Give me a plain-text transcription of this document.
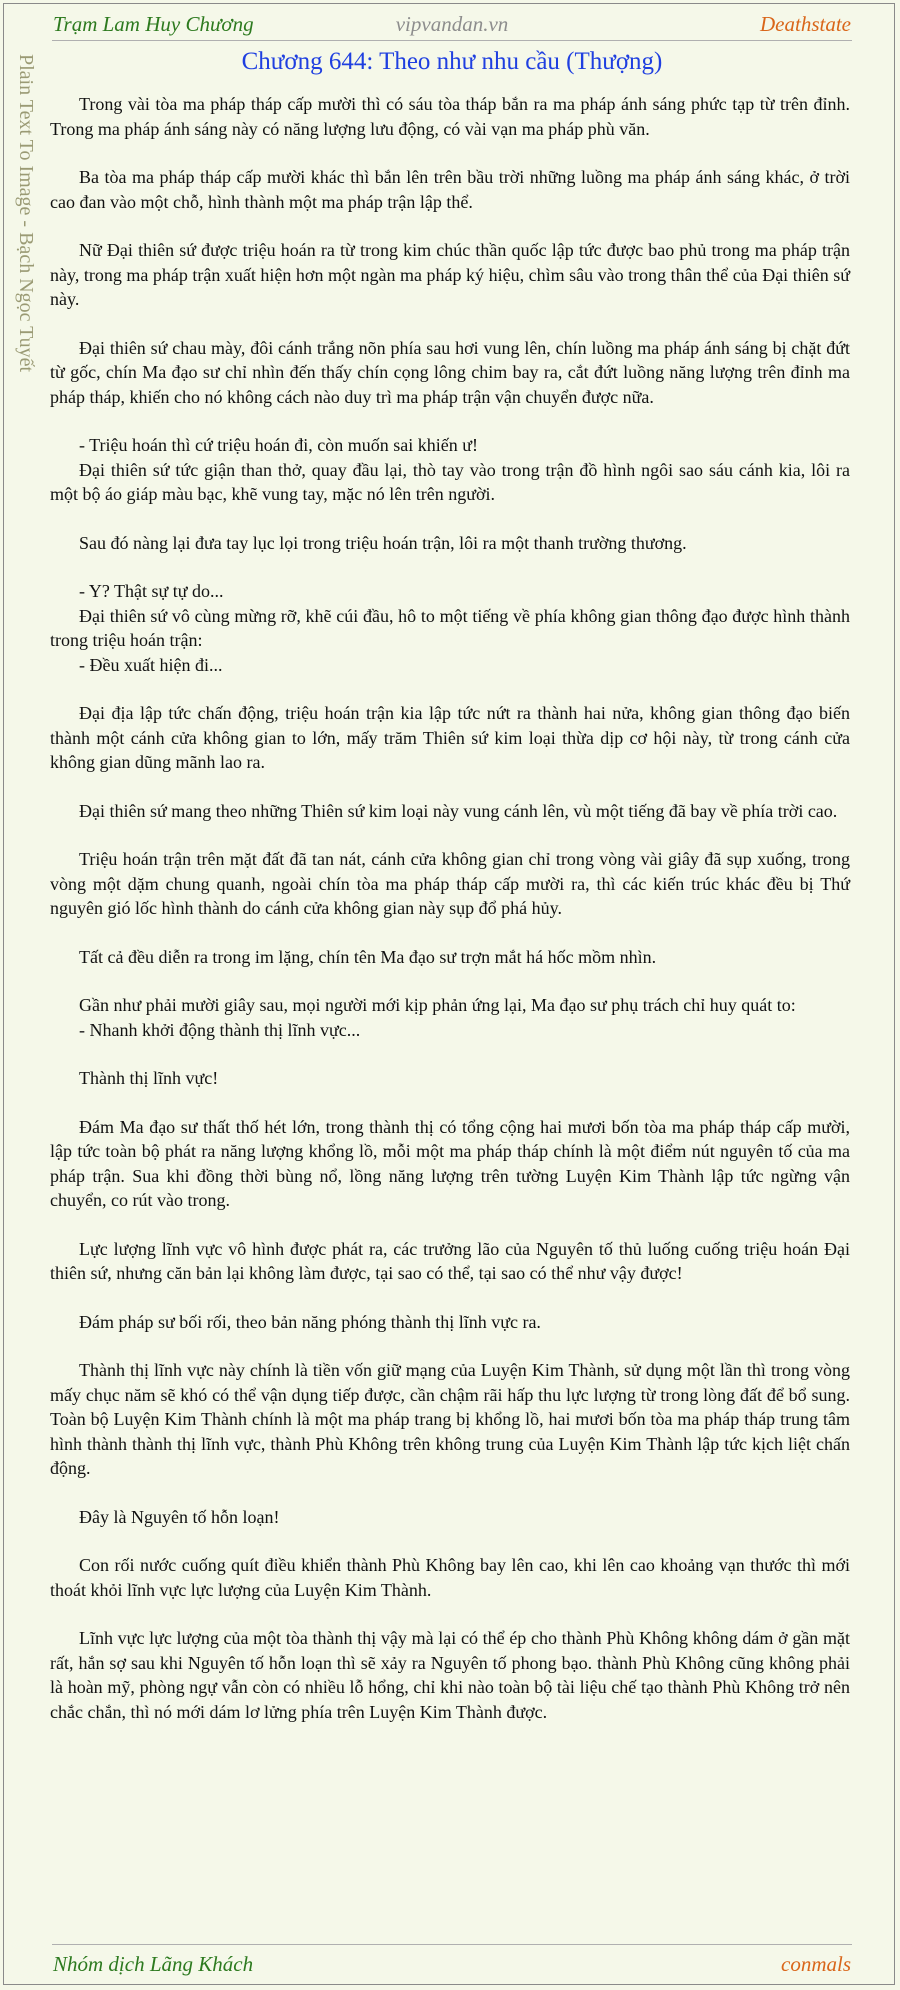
Trạm Lam Huy Chương	vipvandan.vn	Deathstate
Plain Text To Image - Bạch Ngọc Tuyết	Chương 644: Theo như nhu cầu (Thượng)

Trong vài tòa ma pháp tháp cấp mười thì có sáu tòa tháp bắn ra ma pháp ánh sáng phức tạp từ trên đỉnh. Trong ma pháp ánh sáng này có năng lượng lưu động, có vài vạn ma pháp phù văn.

Ba tòa ma pháp tháp cấp mười khác thì bắn lên trên bầu trời những luồng ma pháp ánh sáng khác, ở trời cao đan vào một chỗ, hình thành một ma pháp trận lập thể.

Nữ Đại thiên sứ được triệu hoán ra từ trong kim chúc thần quốc lập tức được bao phủ trong ma pháp trận này, trong ma pháp trận xuất hiện hơn một ngàn ma pháp ký hiệu, chìm sâu vào trong thân thể của Đại thiên sứ này.

Đại thiên sứ chau mày, đôi cánh trắng nõn phía sau hơi vung lên, chín luồng ma pháp ánh sáng bị chặt đứt từ gốc, chín Ma đạo sư chỉ nhìn đến thấy chín cọng lông chim bay ra, cắt đứt luồng năng lượng trên đỉnh ma pháp tháp, khiến cho nó không cách nào duy trì ma pháp trận vận chuyển được nữa.

- Triệu hoán thì cứ triệu hoán đi, còn muốn sai khiến ư!

Đại thiên sứ tức giận than thở, quay đầu lại, thò tay vào trong trận đồ hình ngôi sao sáu cánh kia, lôi ra một bộ áo giáp màu bạc, khẽ vung tay, mặc nó lên trên người.

Sau đó nàng lại đưa tay lục lọi trong triệu hoán trận, lôi ra một thanh trường thương.

- Y? Thật sự tự do...

Đại thiên sứ vô cùng mừng rỡ, khẽ cúi đầu, hô to một tiếng về phía không gian thông đạo được hình thành trong triệu hoán trận:

- Đều xuất hiện đi...

Đại địa lập tức chấn động, triệu hoán trận kia lập tức nứt ra thành hai nửa, không gian thông đạo biến thành một cánh cửa không gian to lớn, mấy trăm Thiên sứ kim loại thừa dịp cơ hội này, từ trong cánh cửa không gian dũng mãnh lao ra.

Đại thiên sứ mang theo những Thiên sứ kim loại này vung cánh lên, vù một tiếng đã bay về phía trời cao.

Triệu hoán trận trên mặt đất đã tan nát, cánh cửa không gian chỉ trong vòng vài giây đã sụp xuống, trong vòng một dặm chung quanh, ngoài chín tòa ma pháp tháp cấp mười ra, thì các kiến trúc khác đều bị Thứ nguyên gió lốc hình thành do cánh cửa không gian này sụp đổ phá hủy.

Tất cả đều diễn ra trong im lặng, chín tên Ma đạo sư trợn mắt há hốc mồm nhìn.

Gần như phải mười giây sau, mọi người mới kịp phản ứng lại, Ma đạo sư phụ trách chỉ huy quát to:

- Nhanh khởi động thành thị lĩnh vực...

Thành thị lĩnh vực!

Đám Ma đạo sư thất thố hét lớn, trong thành thị có tổng cộng hai mươi bốn tòa ma pháp tháp cấp mười, lập tức toàn bộ phát ra năng lượng khổng lồ, mỗi một ma pháp tháp chính là một điểm nút nguyên tố của ma pháp trận. Sua khi đồng thời bùng nổ, lồng năng lượng trên tường Luyện Kim Thành lập tức ngừng vận chuyển, co rút vào trong.

Lực lượng lĩnh vực vô hình được phát ra, các trưởng lão của Nguyên tố thủ luống cuống triệu hoán Đại thiên sứ, nhưng căn bản lại không làm được, tại sao có thể, tại sao có thể như vậy được!

Đám pháp sư bối rối, theo bản năng phóng thành thị lĩnh vực ra.

Thành thị lĩnh vực này chính là tiền vốn giữ mạng của Luyện Kim Thành, sử dụng một lần thì trong vòng mấy chục năm sẽ khó có thể vận dụng tiếp được, cần chậm rãi hấp thu lực lượng từ trong lòng đất để bổ sung. Toàn bộ Luyện Kim Thành chính là một ma pháp trang bị khổng lồ, hai mươi bốn tòa ma pháp tháp trung tâm hình thành thành thị lĩnh vực, thành Phù Không trên không trung của Luyện Kim Thành lập tức kịch liệt chấn động.

Đây là Nguyên tố hỗn loạn!

Con rối nước cuống quít điều khiển thành Phù Không bay lên cao, khi lên cao khoảng vạn thước thì mới thoát khỏi lĩnh vực lực lượng của Luyện Kim Thành.

Lĩnh vực lực lượng của một tòa thành thị vậy mà lại có thể ép cho thành Phù Không không dám ở gần mặt rất, hắn sợ sau khi Nguyên tố hỗn loạn thì sẽ xảy ra Nguyên tố phong bạo. thành Phù Không cũng không phải là hoàn mỹ, phòng ngự vẫn còn có nhiều lỗ hổng, chỉ khi nào toàn bộ tài liệu chế tạo thành Phù Không trở nên chắc chắn, thì nó mới dám lơ lửng phía trên Luyện Kim Thành được.

Nhóm dịch Lãng Khách	conmals
